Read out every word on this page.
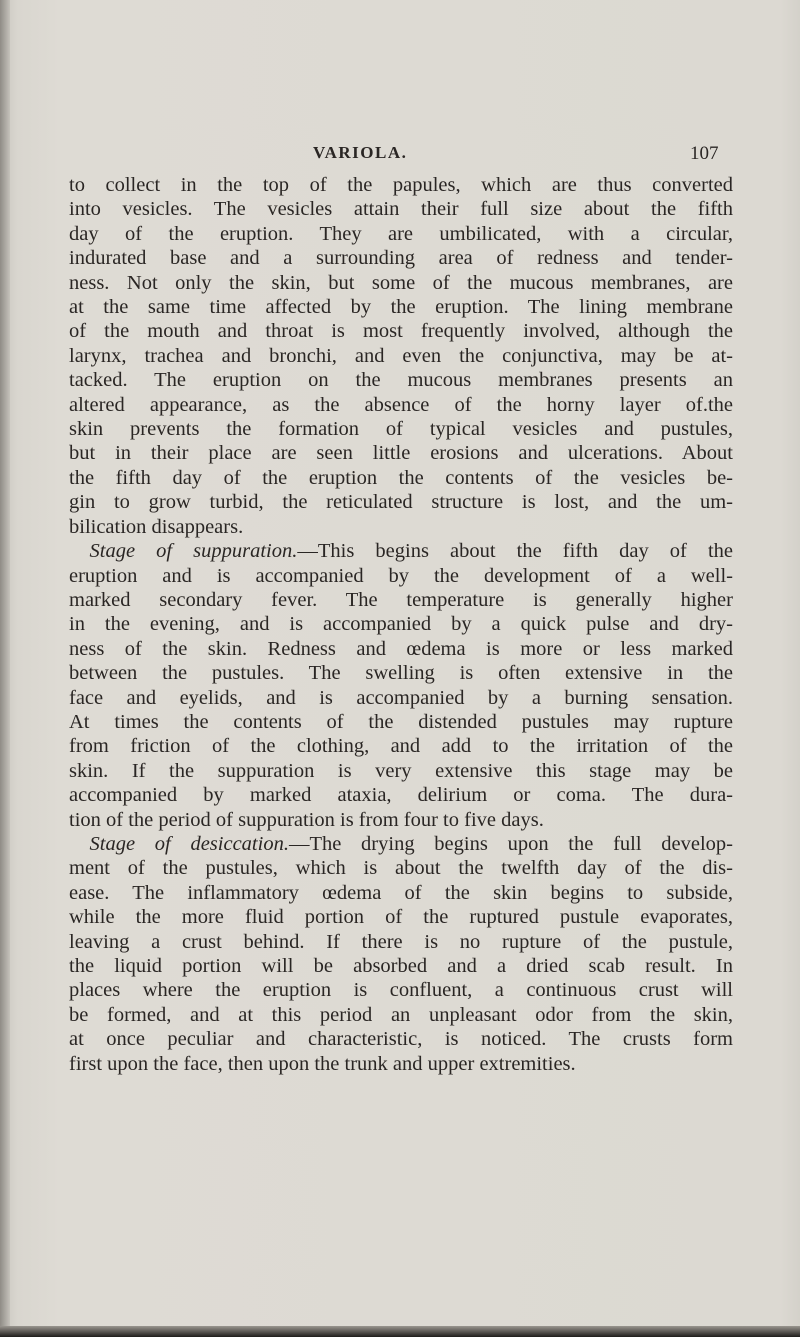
VARIOLA.	107
to collect in the top of the papules, which are thus converted
into vesicles. The vesicles attain their full size about the fifth
day of the eruption. They are umbilicated, with a circular,
indurated base and a surrounding area of redness and tender-
ness. Not only the skin, but some of the mucous membranes, are
at the same time affected by the eruption. The lining membrane
of the mouth and throat is most frequently involved, although the
larynx, trachea and bronchi, and even the conjunctiva, may be at-
tacked. The eruption on the mucous membranes presents an
altered appearance, as the absence of the horny layer of.the
skin prevents the formation of typical vesicles and pustules,
but in their place are seen little erosions and ulcerations. About
the fifth day of the eruption the contents of the vesicles be-
gin to grow turbid, the reticulated structure is lost, and the um-
bilication disappears.
 Stage of suppuration.—This begins about the fifth day of the
eruption and is accompanied by the development of a well-
marked secondary fever. The temperature is generally higher
in the evening, and is accompanied by a quick pulse and dry-
ness of the skin. Redness and œdema is more or less marked
between the pustules. The swelling is often extensive in the
face and eyelids, and is accompanied by a burning sensation.
At times the contents of the distended pustules may rupture
from friction of the clothing, and add to the irritation of the
skin. If the suppuration is very extensive this stage may be
accompanied by marked ataxia, delirium or coma. The dura-
tion of the period of suppuration is from four to five days.
 Stage of desiccation.—The drying begins upon the full develop-
ment of the pustules, which is about the twelfth day of the dis-
ease. The inflammatory œdema of the skin begins to subside,
while the more fluid portion of the ruptured pustule evaporates,
leaving a crust behind. If there is no rupture of the pustule,
the liquid portion will be absorbed and a dried scab result. In
places where the eruption is confluent, a continuous crust will
be formed, and at this period an unpleasant odor from the skin,
at once peculiar and characteristic, is noticed. The crusts form
first upon the face, then upon the trunk and upper extremities.
